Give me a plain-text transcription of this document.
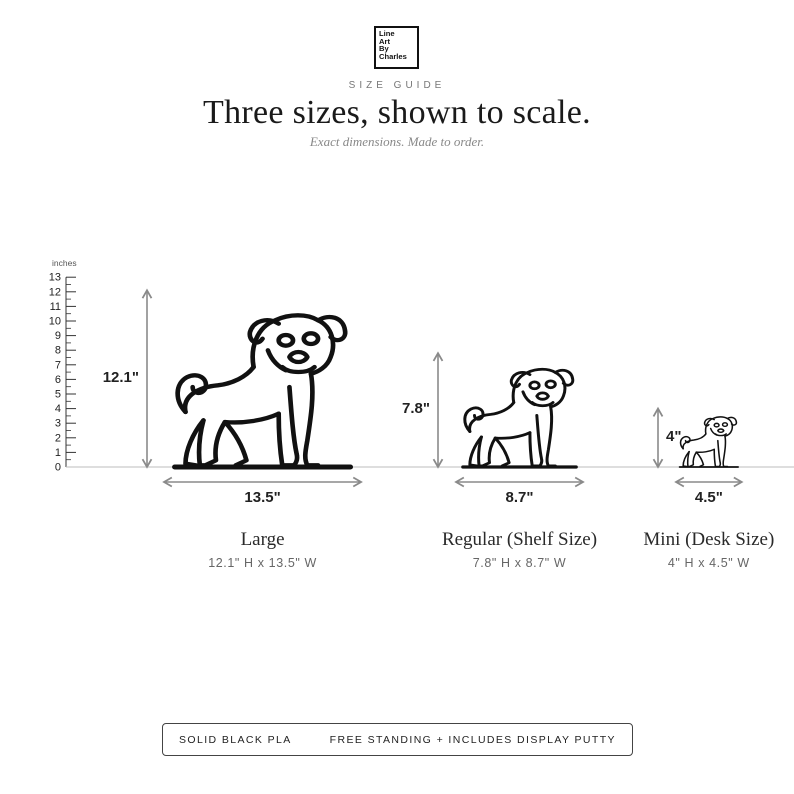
Line
Art
By
Charles
SIZE GUIDE
Three sizes, shown to scale.
Exact dimensions. Made to order.
inches
0
1
2
3
4
5
6
7
8
9
10
11
12
13
12.1"
13.5"
7.8"
8.7"
4"
4.5"
Large
12.1" H x 13.5" W
Regular (Shelf Size)
7.8" H x 8.7" W
Mini (Desk Size)
4" H x 4.5" W
SOLID BLACK PLA	FREE STANDING + INCLUDES DISPLAY PUTTY
